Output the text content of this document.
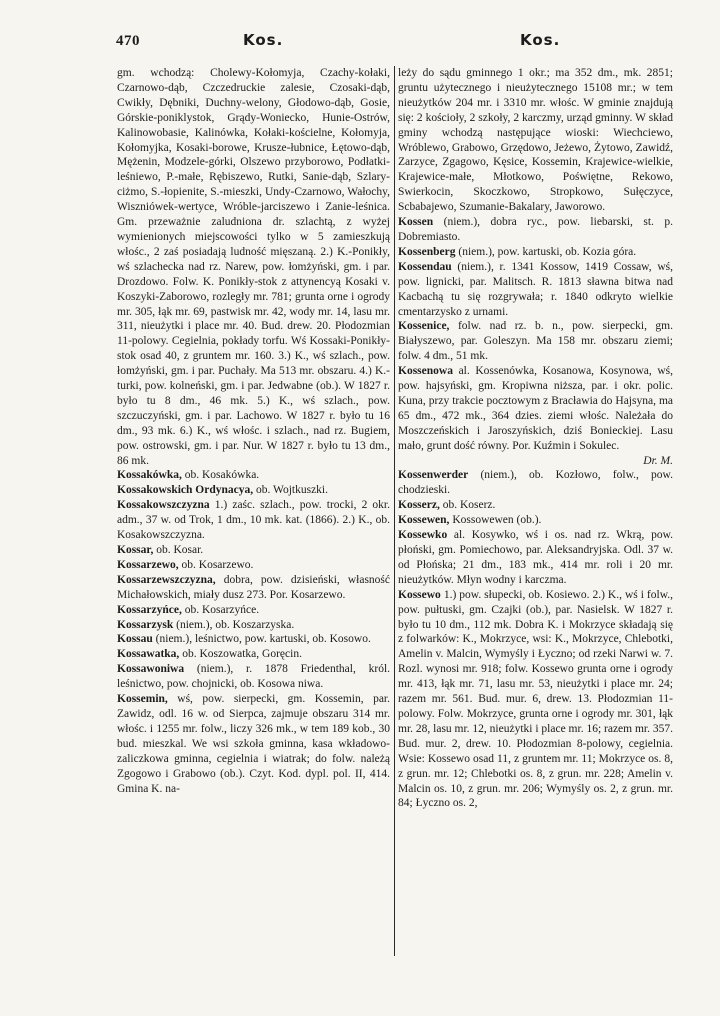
470	Kos.	Kos.

gm. wchodzą: Cholewy-Kołomyja, Czachy-kołaki, Czarnowo-dąb, Czczedruckie zalesie, Czosaki-dąb, Cwikły, Dębniki, Duchny-welony, Głodowo-dąb, Gosie, Górskie-poniklystok, Grądy-Woniecko, Hunie-Ostrów, Kalinowobasie, Kalinówka, Kołaki-kościelne, Kołomyja, Kołomyjka, Kosaki-borowe, Krusze-łubnice, Łętowo-dąb, Mężenin, Modzele-górki, Olszewo przyborowo, Podłatki-leśniewo, P.-małe, Rębiszewo, Rutki, Sanie-dąb, Szlary-ciżmo, S.-łopienite, S.-mieszki, Undy-Czarnowo, Wałochy, Wiszniówek-wertyce, Wróble-jarciszewo i Zanie-leśnica. Gm. przeważnie zaludniona dr. szlachtą, z wyżej wymienionych miejscowości tylko w 5 zamieszkują włośc., 2 zaś posiadają ludność mięszaną. 2.) K.-Ponikły, wś szlachecka nad rz. Narew, pow. łomżyński, gm. i par. Drozdowo. Folw. K. Ponikły-stok z attynencyą Kosaki v. Koszyki-Zaborowo, rozległy mr. 781; grunta orne i ogrody mr. 305, łąk mr. 69, pastwisk mr. 42, wody mr. 14, lasu mr. 311, nieużytki i place mr. 40. Bud. drew. 20. Płodozmian 11-polowy. Cegielnia, pokłady torfu. Wś Kossaki-Ponikły-stok osad 40, z gruntem mr. 160. 3.) K., wś szlach., pow. łomżyński, gm. i par. Puchały. Ma 513 mr. obszaru. 4.) K.-turki, pow. kolneński, gm. i par. Jedwabne (ob.). W 1827 r. było tu 8 dm., 46 mk. 5.) K., wś szlach., pow. szczuczyński, gm. i par. Lachowo. W 1827 r. było tu 16 dm., 93 mk. 6.) K., wś włośc. i szlach., nad rz. Bugiem, pow. ostrowski, gm. i par. Nur. W 1827 r. było tu 13 dm., 86 mk.

Kossakówka, ob. Kosakówka.

Kossakowskich Ordynacya, ob. Wojtkuszki.

Kossakowszczyzna 1.) zaśc. szlach., pow. trocki, 2 okr. adm., 37 w. od Trok, 1 dm., 10 mk. kat. (1866). 2.) K., ob. Kosakowszczyzna.

Kossar, ob. Kosar.

Kossarzewo, ob. Kosarzewo.

Kossarzewszczyzna, dobra, pow. dzisieński, własność Michałowskich, miały dusz 273. Por. Kosarzewo.

Kossarzyńce, ob. Kosarzyńce.

Kossarzysk (niem.), ob. Koszarzyska.

Kossau (niem.), leśnictwo, pow. kartuski, ob. Kosowo.

Kossawatka, ob. Koszowatka, Goręcin.

Kossawoniwa (niem.), r. 1878 Friedenthal, król. leśnictwo, pow. chojnicki, ob. Kosowa niwa.

Kossemin, wś, pow. sierpecki, gm. Kossemin, par. Zawidz, odl. 16 w. od Sierpca, zajmuje obszaru 314 mr. włośc. i 1255 mr. folw., liczy 326 mk., w tem 189 kob., 30 bud. mieszkal. We wsi szkoła gminna, kasa wkładowo-zaliczkowa gminna, cegielnia i wiatrak; do folw. należą Zgogowo i Grabowo (ob.). Czyt. Kod. dypl. pol. II, 414. Gmina K. na-

leży do sądu gminnego 1 okr.; ma 352 dm., mk. 2851; gruntu użytecznego i nieużytecznego 15108 mr.; w tem nieużytków 204 mr. i 3310 mr. włośc. W gminie znajdują się: 2 kościoły, 2 szkoły, 2 karczmy, urząd gminny. W skład gminy wchodzą następujące wioski: Wiechciewo, Wróblewo, Grabowo, Grzędowo, Jeżewo, Żytowo, Zawidź, Zarzyce, Zgagowo, Kęsice, Kossemin, Krajewice-wielkie, Krajewice-małe, Młotkowo, Poświętne, Rekowo, Swierkocin, Skoczkowo, Stropkowo, Sułęczyce, Scbabajewo, Szumanie-Bakalary, Jaworowo.

Kossen (niem.), dobra ryc., pow. liebarski, st. p. Dobremiasto.

Kossenberg (niem.), pow. kartuski, ob. Kozia góra.

Kossendau (niem.), r. 1341 Kossow, 1419 Cossaw, wś, pow. lignicki, par. Malitsch. R. 1813 sławna bitwa nad Kacbachą tu się rozgrywała; r. 1840 odkryto wielkie cmentarzysko z urnami.

Kossenice, folw. nad rz. b. n., pow. sierpecki, gm. Białyszewo, par. Goleszyn. Ma 158 mr. obszaru ziemi; folw. 4 dm., 51 mk.

Kossenowa al. Kossenówka, Kosanowa, Kosynowa, wś, pow. hajsyński, gm. Kropiwna niższa, par. i okr. polic. Kuna, przy trakcie pocztowym z Bracławia do Hajsyna, ma 65 dm., 472 mk., 364 dzies. ziemi włośc. Należała do Moszczeńskich i Jaroszyńskich, dziś Bonieckiej. Lasu mało, grunt dość równy. Por. Kuźmin i Sokulec.

Dr. M.

Kossenwerder (niem.), ob. Kozłowo, folw., pow. chodzieski.

Kosserz, ob. Koserz.

Kossewen, Kossowewen (ob.).

Kossewko al. Kosywko, wś i os. nad rz. Wkrą, pow. płoński, gm. Pomiechowo, par. Aleksandryjska. Odl. 37 w. od Płońska; 21 dm., 183 mk., 414 mr. roli i 20 mr. nieużytków. Młyn wodny i karczma.

Kossewo 1.) pow. słupecki, ob. Kosiewo. 2.) K., wś i folw., pow. pułtuski, gm. Czajki (ob.), par. Nasielsk. W 1827 r. było tu 10 dm., 112 mk. Dobra K. i Mokrzyce składają się z folwarków: K., Mokrzyce, wsi: K., Mokrzyce, Chlebotki, Amelin v. Malcin, Wymyśly i Łyczno; od rzeki Narwi w. 7. Rozl. wynosi mr. 918; folw. Kossewo grunta orne i ogrody mr. 413, łąk mr. 71, lasu mr. 53, nieużytki i place mr. 24; razem mr. 561. Bud. mur. 6, drew. 13. Płodozmian 11-polowy. Folw. Mokrzyce, grunta orne i ogrody mr. 301, łąk mr. 28, lasu mr. 12, nieużytki i place mr. 16; razem mr. 357. Bud. mur. 2, drew. 10. Płodozmian 8-polowy, cegielnia. Wsie: Kossewo osad 11, z gruntem mr. 11; Mokrzyce os. 8, z grun. mr. 12; Chlebotki os. 8, z grun. mr. 228; Amelin v. Malcin os. 10, z grun. mr. 206; Wymyśly os. 2, z grun. mr. 84; Łyczno os. 2,
